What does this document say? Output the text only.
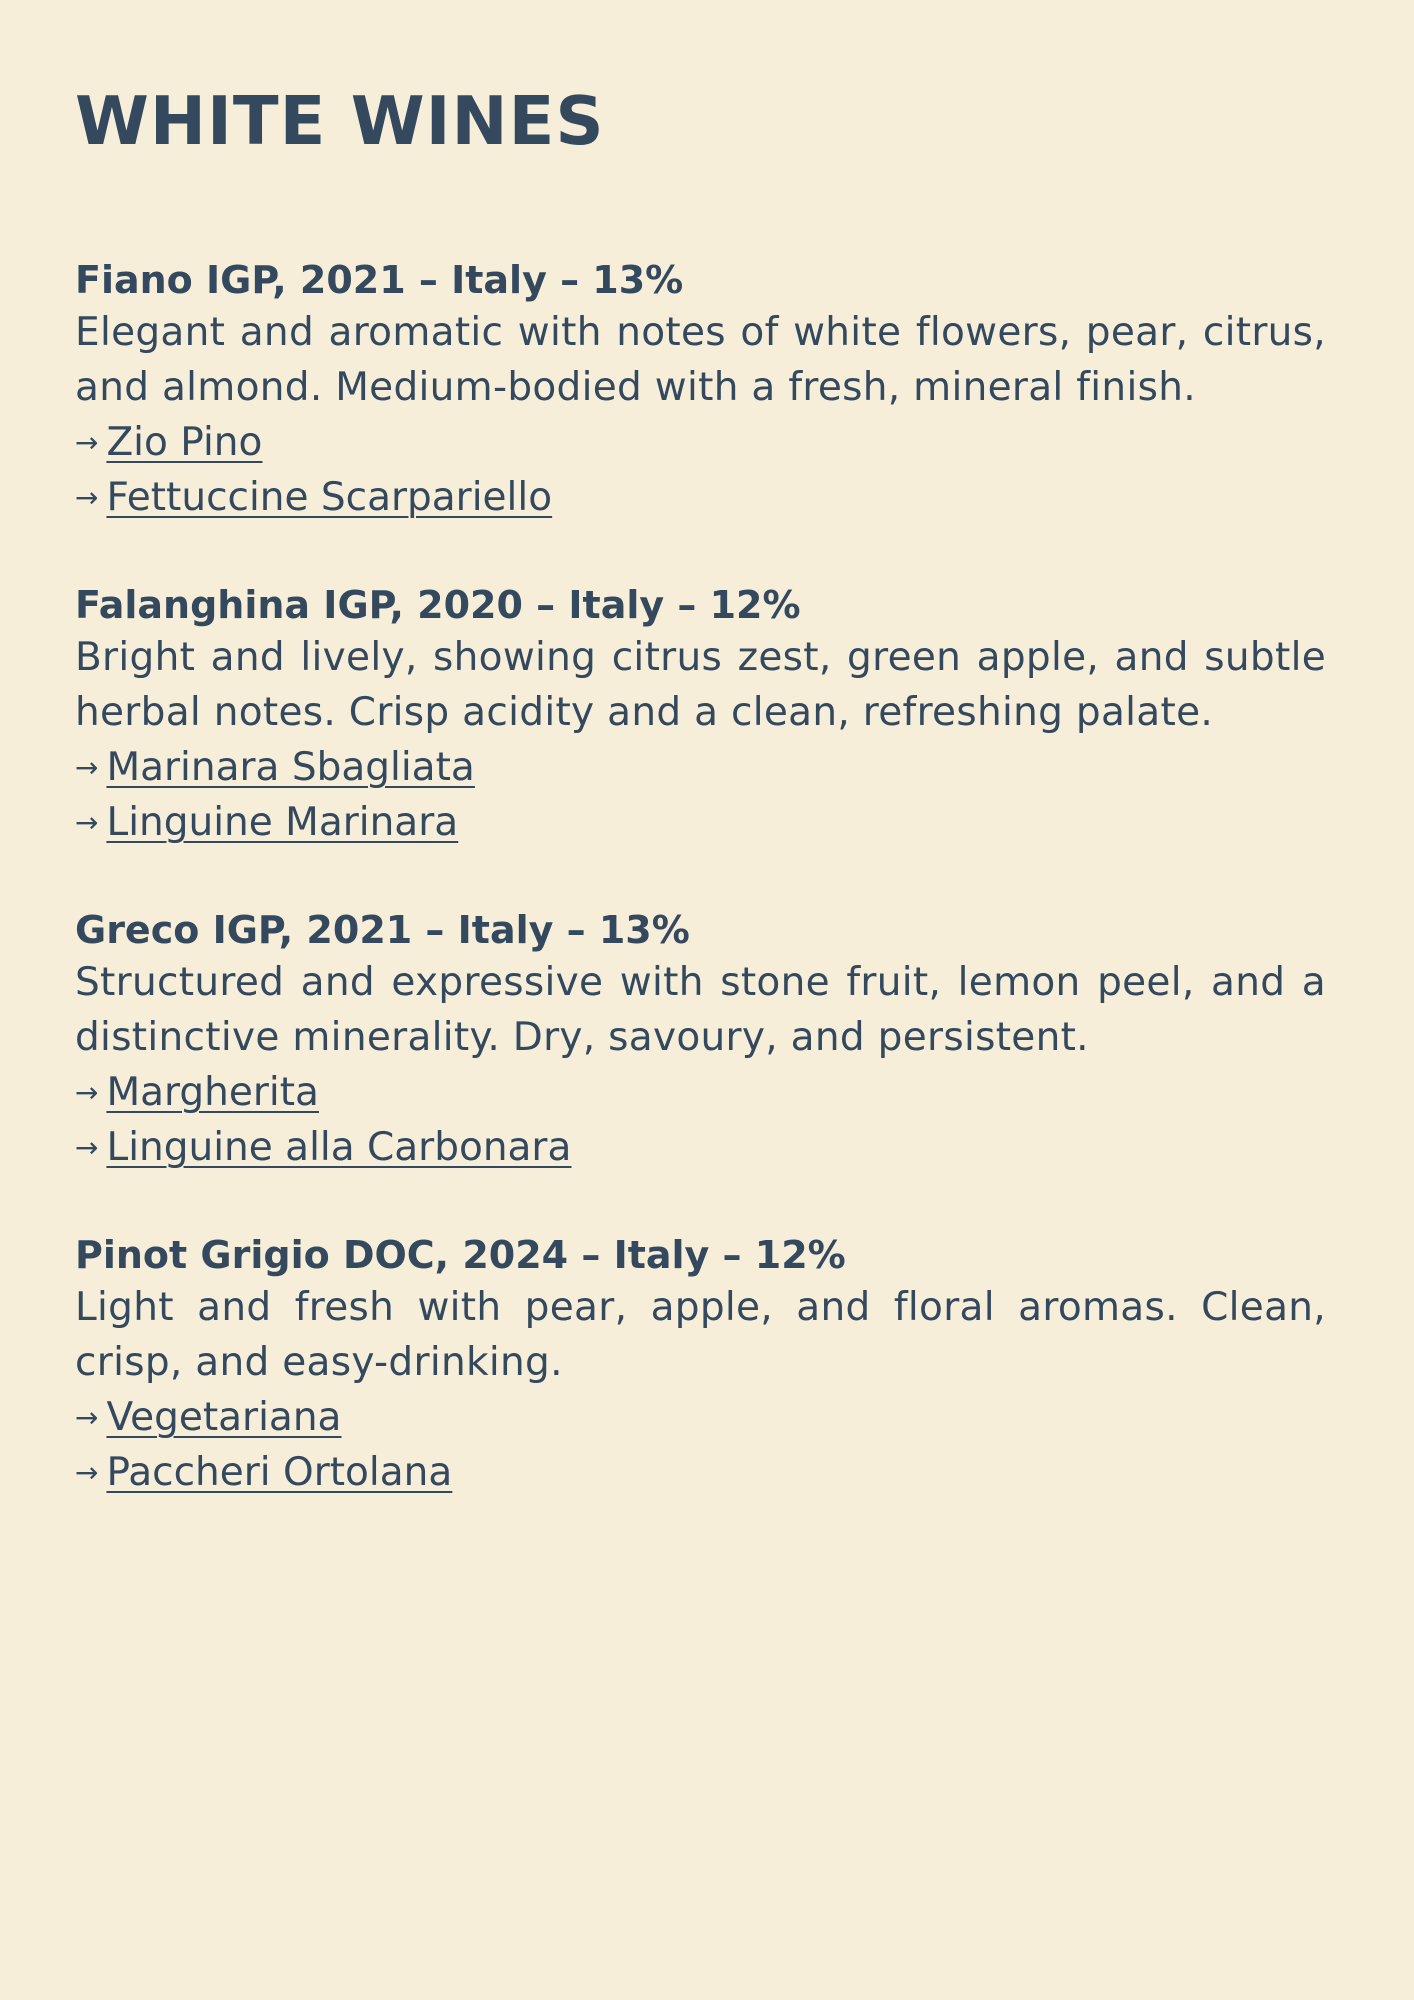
WHITE WINES
Fiano IGP, 2021 – Italy – 13%

Elegant and aromatic with notes of white flowers, pear, citrus, and almond. Medium-bodied with a fresh, mineral finish.

→ Zio Pino
→ Fettuccine Scarpariello
Falanghina IGP, 2020 – Italy – 12%

Bright and lively, showing citrus zest, green apple, and subtle herbal notes. Crisp acidity and a clean, refreshing palate.

→ Marinara Sbagliata
→ Linguine Marinara
Greco IGP, 2021 – Italy – 13%

Structured and expressive with stone fruit, lemon peel, and a distinctive minerality. Dry, savoury, and persistent.

→ Margherita
→ Linguine alla Carbonara
Pinot Grigio DOC, 2024 – Italy – 12%

Light and fresh with pear, apple, and floral aromas. Clean, crisp, and easy-drinking.

→ Vegetariana
→ Paccheri Ortolana
